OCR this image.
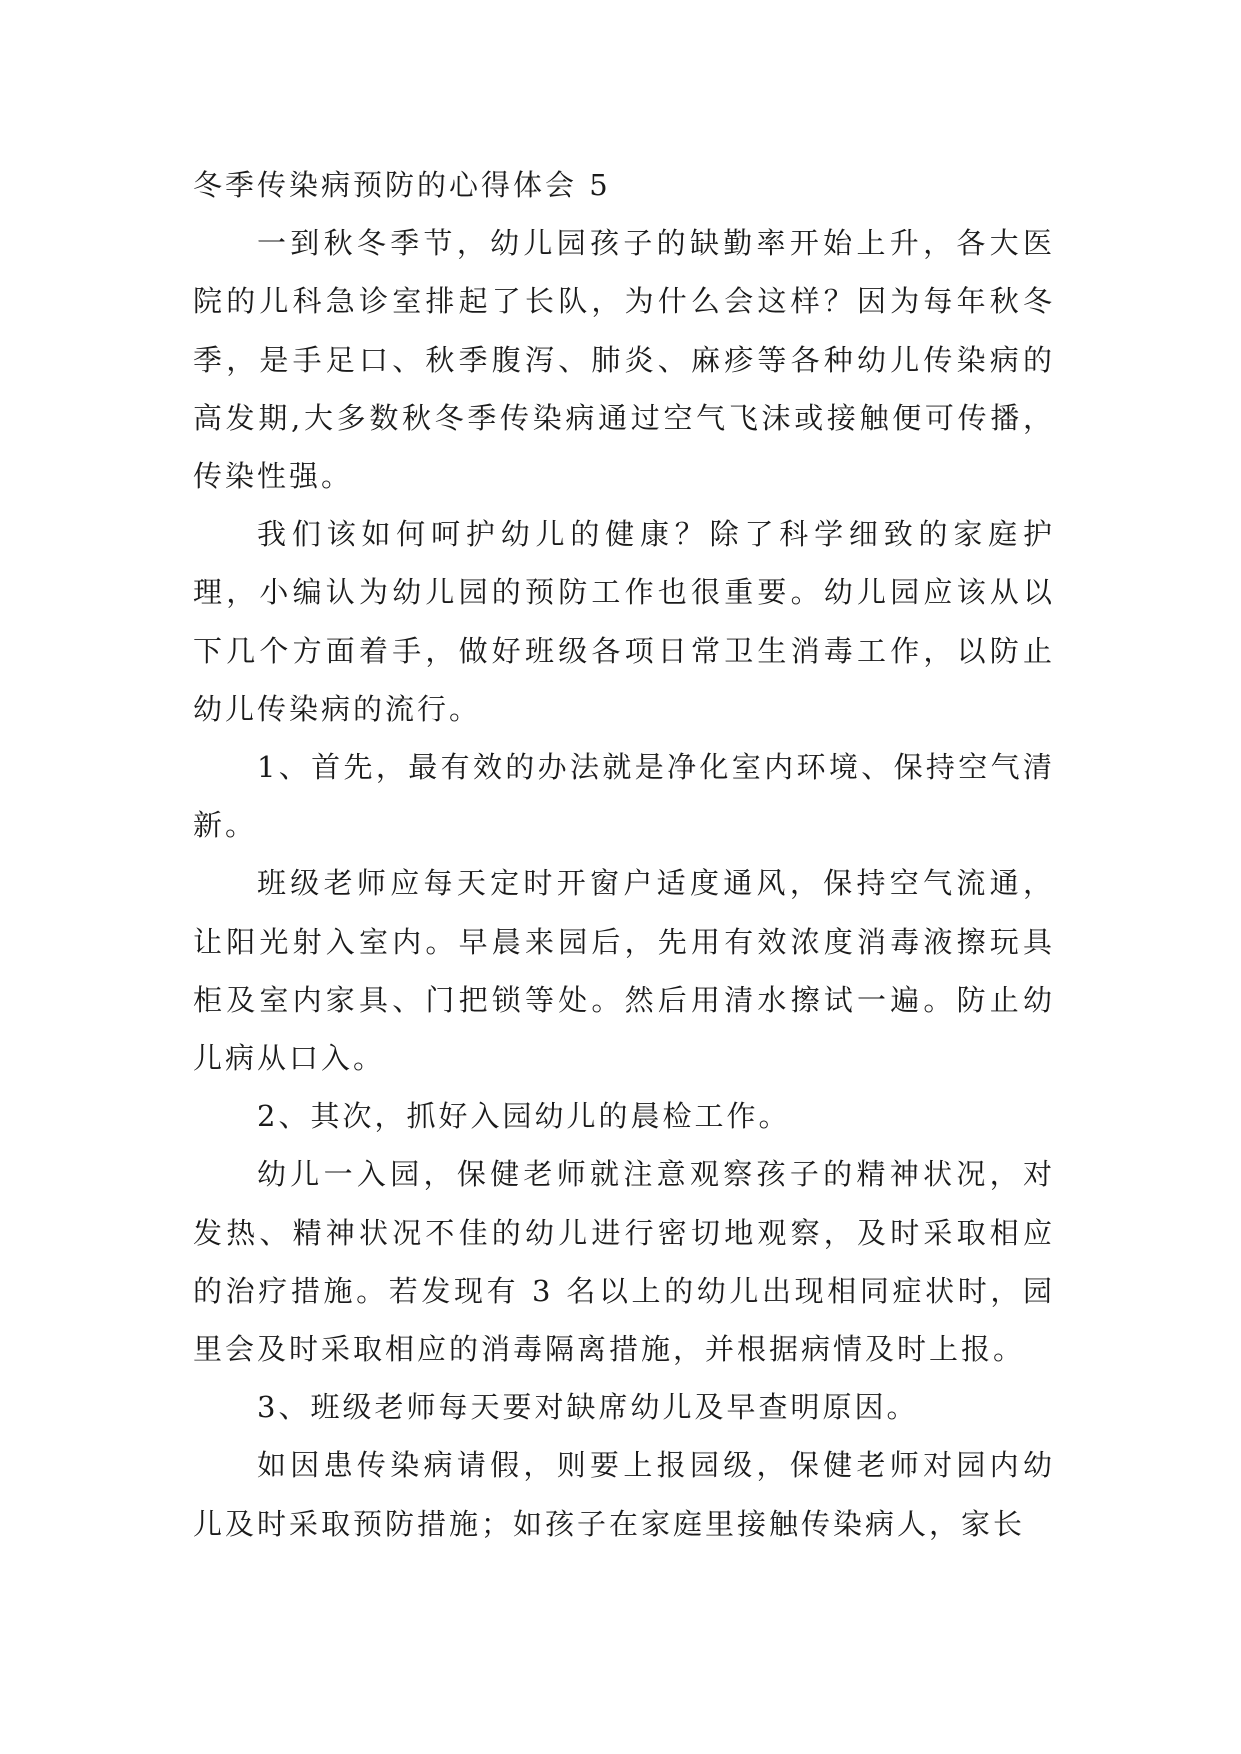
冬季传染病预防的心得体会 5

一到秋冬季节，幼儿园孩子的缺勤率开始上升，各大医院的儿科急诊室排起了长队，为什么会这样？因为每年秋冬季，是手足口、秋季腹泻、肺炎、麻疹等各种幼儿传染病的高发期,大多数秋冬季传染病通过空气飞沫或接触便可传播，传染性强。

我们该如何呵护幼儿的健康？除了科学细致的家庭护理，小编认为幼儿园的预防工作也很重要。幼儿园应该从以下几个方面着手，做好班级各项日常卫生消毒工作，以防止幼儿传染病的流行。

1、首先，最有效的办法就是净化室内环境、保持空气清新。

班级老师应每天定时开窗户适度通风，保持空气流通，让阳光射入室内。早晨来园后，先用有效浓度消毒液擦玩具柜及室内家具、门把锁等处。然后用清水擦试一遍。防止幼儿病从口入。

2、其次，抓好入园幼儿的晨检工作。

幼儿一入园，保健老师就注意观察孩子的精神状况，对发热、精神状况不佳的幼儿进行密切地观察，及时采取相应的治疗措施。若发现有 3 名以上的幼儿出现相同症状时，园里会及时采取相应的消毒隔离措施，并根据病情及时上报。

3、班级老师每天要对缺席幼儿及早查明原因。

如因患传染病请假，则要上报园级，保健老师对园内幼儿及时采取预防措施；如孩子在家庭里接触传染病人，家长
